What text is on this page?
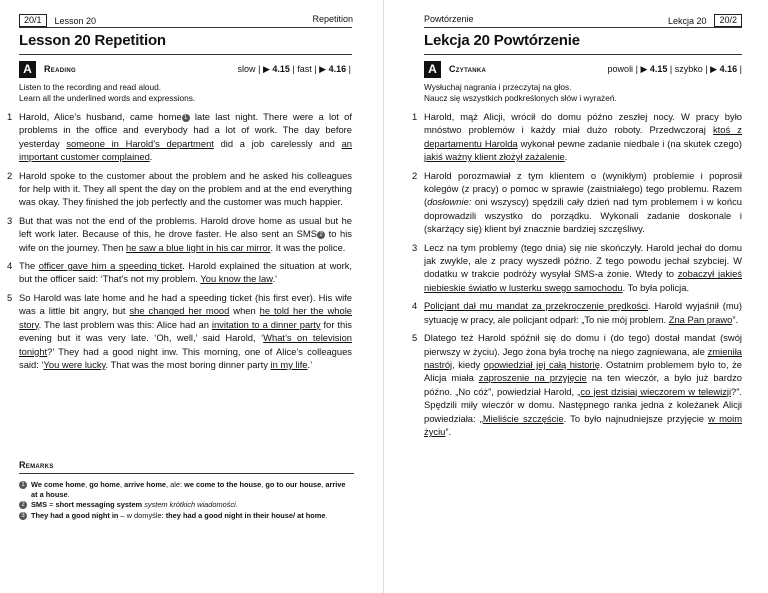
20/1	Lesson 20	Repetition
Lesson 20 Repetition
A	Reading	slow | ▶ 4.15 | fast | ▶ 4.16 |
Listen to the recording and read aloud.
Learn all the underlined words and expressions.
1 Harold, Alice’s husband, came home 1 late last night. There were a lot of problems in the office and everybody had a lot of work. The day before yesterday someone in Harold’s department did a job carelessly and an important customer complained.
2 Harold spoke to the customer about the problem and he asked his colleagues for help with it. They all spent the day on the problem and at the end everything was okay. They finished the job perfectly and the customer was much happier.
3 But that was not the end of the problems. Harold drove home as usual but he left work later. Because of this, he drove faster. He also sent an SMS 2 to his wife on the journey. Then he saw a blue light in his car mirror. It was the police.
4 The officer gave him a speeding ticket. Harold explained the situation at work, but the officer said: ‘That’s not my problem. You know the law.’
5 So Harold was late home and he had a speeding ticket (his first ever). His wife was a little bit angry, but she changed her mood when he told her the whole story. The last problem was this: Alice had an invitation to a dinner party for this evening but it was very late. ‘Oh, well,’ said Harold, ‘What’s on television tonight?’ They had a good night inw. This morning, one of Alice’s colleagues said: ‘You were lucky. That was the most boring dinner party in my life.’
Remarks
1 We come home, go home, arrive home, ale: we come to the house, go to our house, arrive at a house.
2 SMS = short messaging system system krótkich wiadomości.
3 They had a good night in – w domyśle: they had a good night in their house/ at home.
Powtórzenie	Lekcja 20	20/2
Lekcja 20 Powtórzenie
A	Czytanka	powoli | ▶ 4.15 | szybko | ▶ 4.16 |
Wysłuchaj nagrania i przeczytaj na głos.
Naucz się wszystkich podkreślonych słów i wyrażeń.
1 Harold, mąż Alicji, wrócił do domu późno zeszłej nocy. W pracy było mnóstwo problemów i każdy miał dużo roboty. Przedwczoraj ktoś z departamentu Harolda wykonał pewne zadanie niedbale i (na skutek czego) jakiś ważny klient złożył zażalenie.
2 Harold porozmawiał z tym klientem o (wynikłym) problemie i poprosił kolegów (z pracy) o pomoc w sprawie (zaistniałego) tego problemu. Razem (dosłownie: oni wszyscy) spędzili cały dzień nad tym problemem i w końcu doprowadzili wszystko do porządku. Wykonali zadanie doskonale i (skarżący się) klient był znacznie bardziej szczęśliwy.
3 Lecz na tym problemy (tego dnia) się nie skończyły. Harold jechał do domu jak zwykle, ale z pracy wyszedł późno. Z tego powodu jechał szybciej. W dodatku w trakcie podróży wysyłał SMS-a żonie. Wtedy to zobaczył jakieś niebieskie światło w lusterku swego samochodu. To była policja.
4 Policjant dał mu mandat za przekroczenie prędkości. Harold wyjaśnił (mu) sytuację w pracy, ale policjant odparł: „To nie mój problem. Zna Pan prawo”.
5 Dlatego też Harold spóźnił się do domu i (do tego) dostał mandat (swój pierwszy w życiu). Jego żona była trochę na niego zagniewana, ale zmieniła nastrój, kiedy opowiedział jej całą historię. Ostatnim problemem było to, że Alicja miała zaproszenie na przyjęcie na ten wieczór, a było już bardzo późno. „No cóż”, powiedział Harold, „co jest dzisiaj wieczorem w telewizji?”. Spędzili miły wieczór w domu. Następnego ranka jedna z koleżanek Alicji powiedziała: „Mieliście szczęście. To było najnudniejsze przyjęcie w moim życiu”.
